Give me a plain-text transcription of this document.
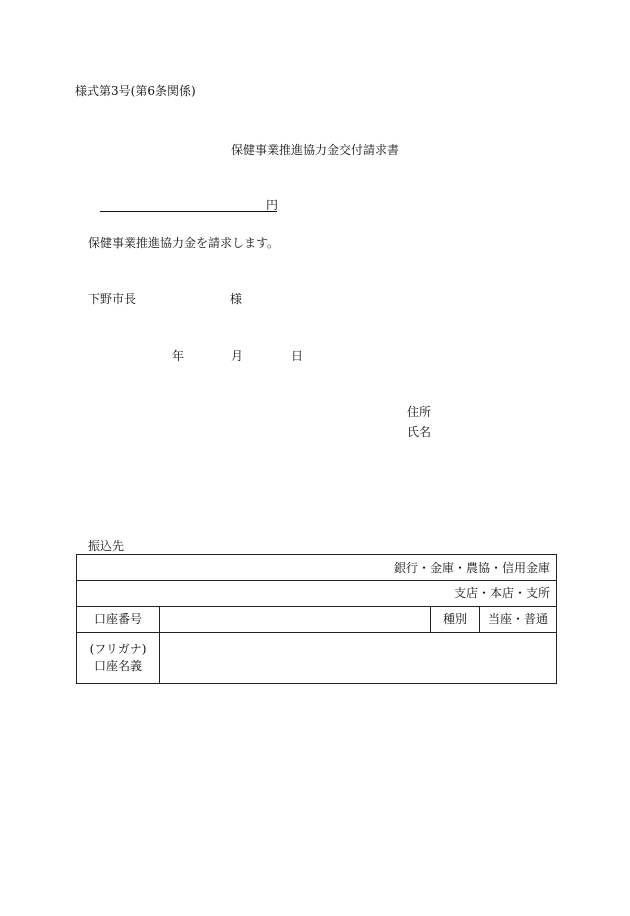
様式第3号(第6条関係)
保健事業推進協力金交付請求書
円
保健事業推進協力金を請求します。
下野市長	様
年	月	日
住所
氏名
振込先
銀行・金庫・農協・信用金庫
支店・本店・支所
口座番号	種別	当座・普通
(フリガナ)
口座名義
